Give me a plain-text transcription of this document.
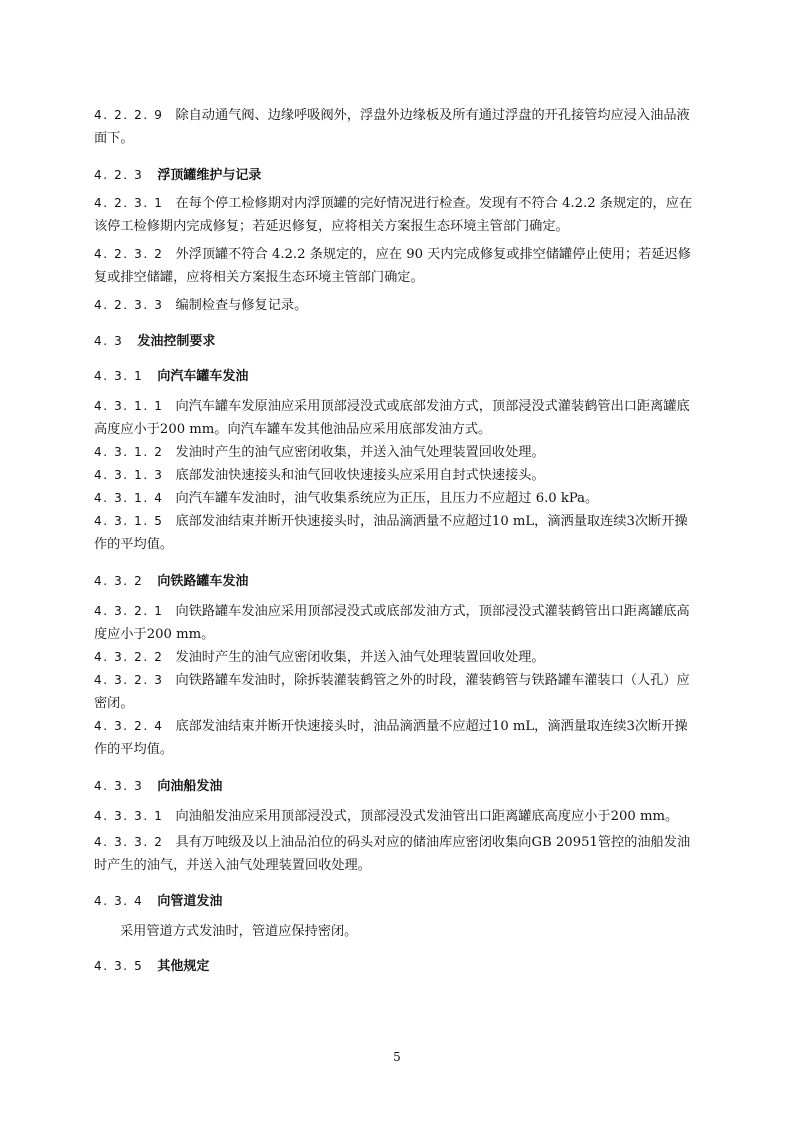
4. 2. 2. 9 除自动通气阀、边缘呼吸阀外，浮盘外边缘板及所有通过浮盘的开孔接管均应浸入油品液面下。

4. 2. 3 浮顶罐维护与记录

4. 2. 3. 1 在每个停工检修期对内浮顶罐的完好情况进行检查。发现有不符合 4.2.2 条规定的，应在该停工检修期内完成修复；若延迟修复，应将相关方案报生态环境主管部门确定。

4. 2. 3. 2 外浮顶罐不符合 4.2.2 条规定的，应在 90 天内完成修复或排空储罐停止使用；若延迟修复或排空储罐，应将相关方案报生态环境主管部门确定。

4. 2. 3. 3 编制检查与修复记录。

4. 3 发油控制要求

4. 3. 1 向汽车罐车发油

4. 3. 1. 1 向汽车罐车发原油应采用顶部浸没式或底部发油方式，顶部浸没式灌装鹤管出口距离罐底高度应小于200 mm。向汽车罐车发其他油品应采用底部发油方式。

4. 3. 1. 2 发油时产生的油气应密闭收集，并送入油气处理装置回收处理。

4. 3. 1. 3 底部发油快速接头和油气回收快速接头应采用自封式快速接头。

4. 3. 1. 4 向汽车罐车发油时，油气收集系统应为正压，且压力不应超过 6.0 kPa。

4. 3. 1. 5 底部发油结束并断开快速接头时，油品滴洒量不应超过10 mL，滴洒量取连续3次断开操作的平均值。

4. 3. 2 向铁路罐车发油

4. 3. 2. 1 向铁路罐车发油应采用顶部浸没式或底部发油方式，顶部浸没式灌装鹤管出口距离罐底高度应小于200 mm。

4. 3. 2. 2 发油时产生的油气应密闭收集，并送入油气处理装置回收处理。

4. 3. 2. 3 向铁路罐车发油时，除拆装灌装鹤管之外的时段，灌装鹤管与铁路罐车灌装口（人孔）应密闭。

4. 3. 2. 4 底部发油结束并断开快速接头时，油品滴洒量不应超过10 mL，滴洒量取连续3次断开操作的平均值。

4. 3. 3 向油船发油

4. 3. 3. 1 向油船发油应采用顶部浸没式，顶部浸没式发油管出口距离罐底高度应小于200 mm。

4. 3. 3. 2 具有万吨级及以上油品泊位的码头对应的储油库应密闭收集向GB 20951管控的油船发油时产生的油气，并送入油气处理装置回收处理。

4. 3. 4 向管道发油

采用管道方式发油时，管道应保持密闭。

4. 3. 5 其他规定

5
